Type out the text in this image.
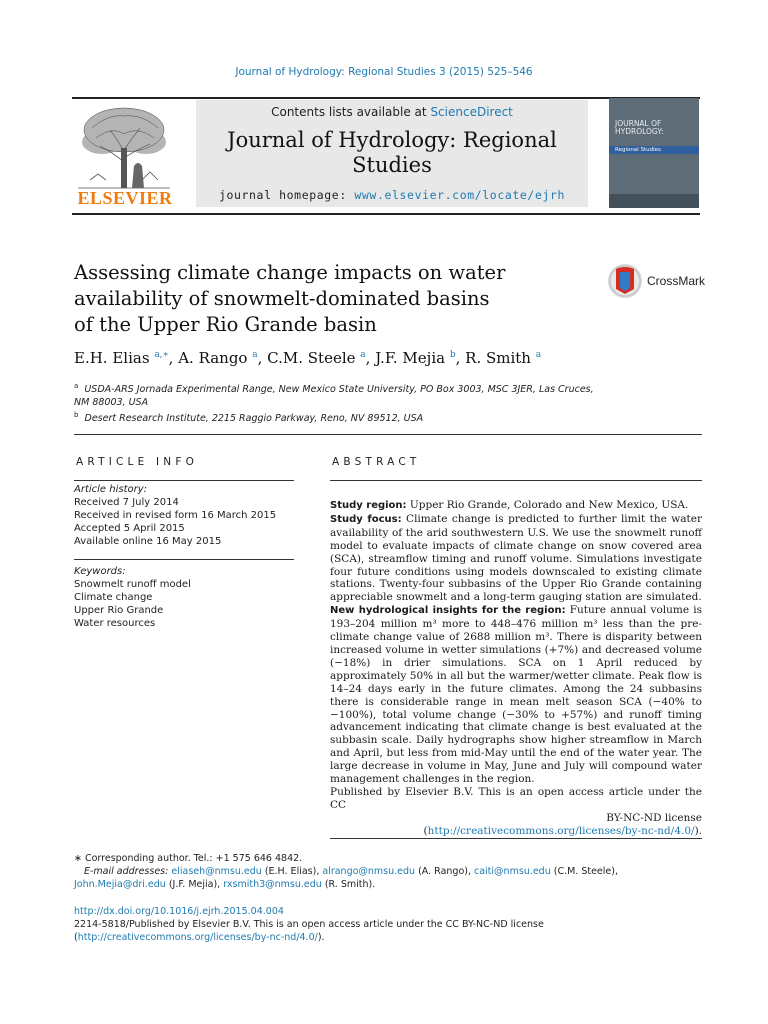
Journal of Hydrology: Regional Studies 3 (2015) 525–546
ELSEVIER
Contents lists available at ScienceDirect
Journal of Hydrology: Regional
Studies
journal homepage: www.elsevier.com/locate/ejrh
JOURNAL OF HYDROLOGY:
Regional Studies
Assessing climate change impacts on water
availability of snowmelt-dominated basins
of the Upper Rio Grande basin
CrossMark
E.H. Elias $^{a,∗}$, A. Rango $^a$, C.M. Steele $^a$, J.F. Mejia $^b$, R. Smith $^a$
$^a$ USDA-ARS Jornada Experimental Range, New Mexico State University, PO Box 3003, MSC 3JER, Las Cruces,
NM 88003, USA
$^b$ Desert Research Institute, 2215 Raggio Parkway, Reno, NV 89512, USA
ARTICLE INFO	ABSTRACT
Article history:
Received 7 July 2014
Received in revised form 16 March 2015
Accepted 5 April 2015
Available online 16 May 2015
Keywords:
Snowmelt runoff model
Climate change
Upper Rio Grande
Water resources

Study region: Upper Rio Grande, Colorado and New Mexico, USA.

Study focus: Climate change is predicted to further limit the water availability of the arid southwestern U.S. We use the snowmelt runoff model to evaluate impacts of climate change on snow covered area (SCA), streamflow timing and runoff volume. Simulations investigate four future conditions using models downscaled to existing climate stations. Twenty-four subbasins of the Upper Rio Grande containing appreciable snowmelt and a long-term gauging station are simulated.

New hydrological insights for the region: Future annual volume is 193–204 million m³ more to 448–476 million m³ less than the pre-climate change value of 2688 million m³. There is disparity between increased volume in wetter simulations (+7%) and decreased volume (−18%) in drier simulations. SCA on 1 April reduced by approximately 50% in all but the warmer/wetter climate. Peak flow is 14–24 days early in the future climates. Among the 24 subbasins there is considerable range in mean melt season SCA (−40% to −100%), total volume change (−30% to +57%) and runoff timing advancement indicating that climate change is best evaluated at the subbasin scale. Daily hydrographs show higher streamflow in March and April, but less from mid-May until the end of the water year. The large decrease in volume in May, June and July will compound water management challenges in the region.

Published by Elsevier B.V. This is an open access article under the CC

BY-NC-ND license

(http://creativecommons.org/licenses/by-nc-nd/4.0/).

∗ Corresponding author. Tel.: +1 575 646 4842.
E-mail addresses: eliaseh@nmsu.edu (E.H. Elias), alrango@nmsu.edu (A. Rango), caiti@nmsu.edu (C.M. Steele),
John.Mejia@dri.edu (J.F. Mejia), rxsmith3@nmsu.edu (R. Smith).
http://dx.doi.org/10.1016/j.ejrh.2015.04.004
2214-5818/Published by Elsevier B.V. This is an open access article under the CC BY-NC-ND license
(http://creativecommons.org/licenses/by-nc-nd/4.0/).
